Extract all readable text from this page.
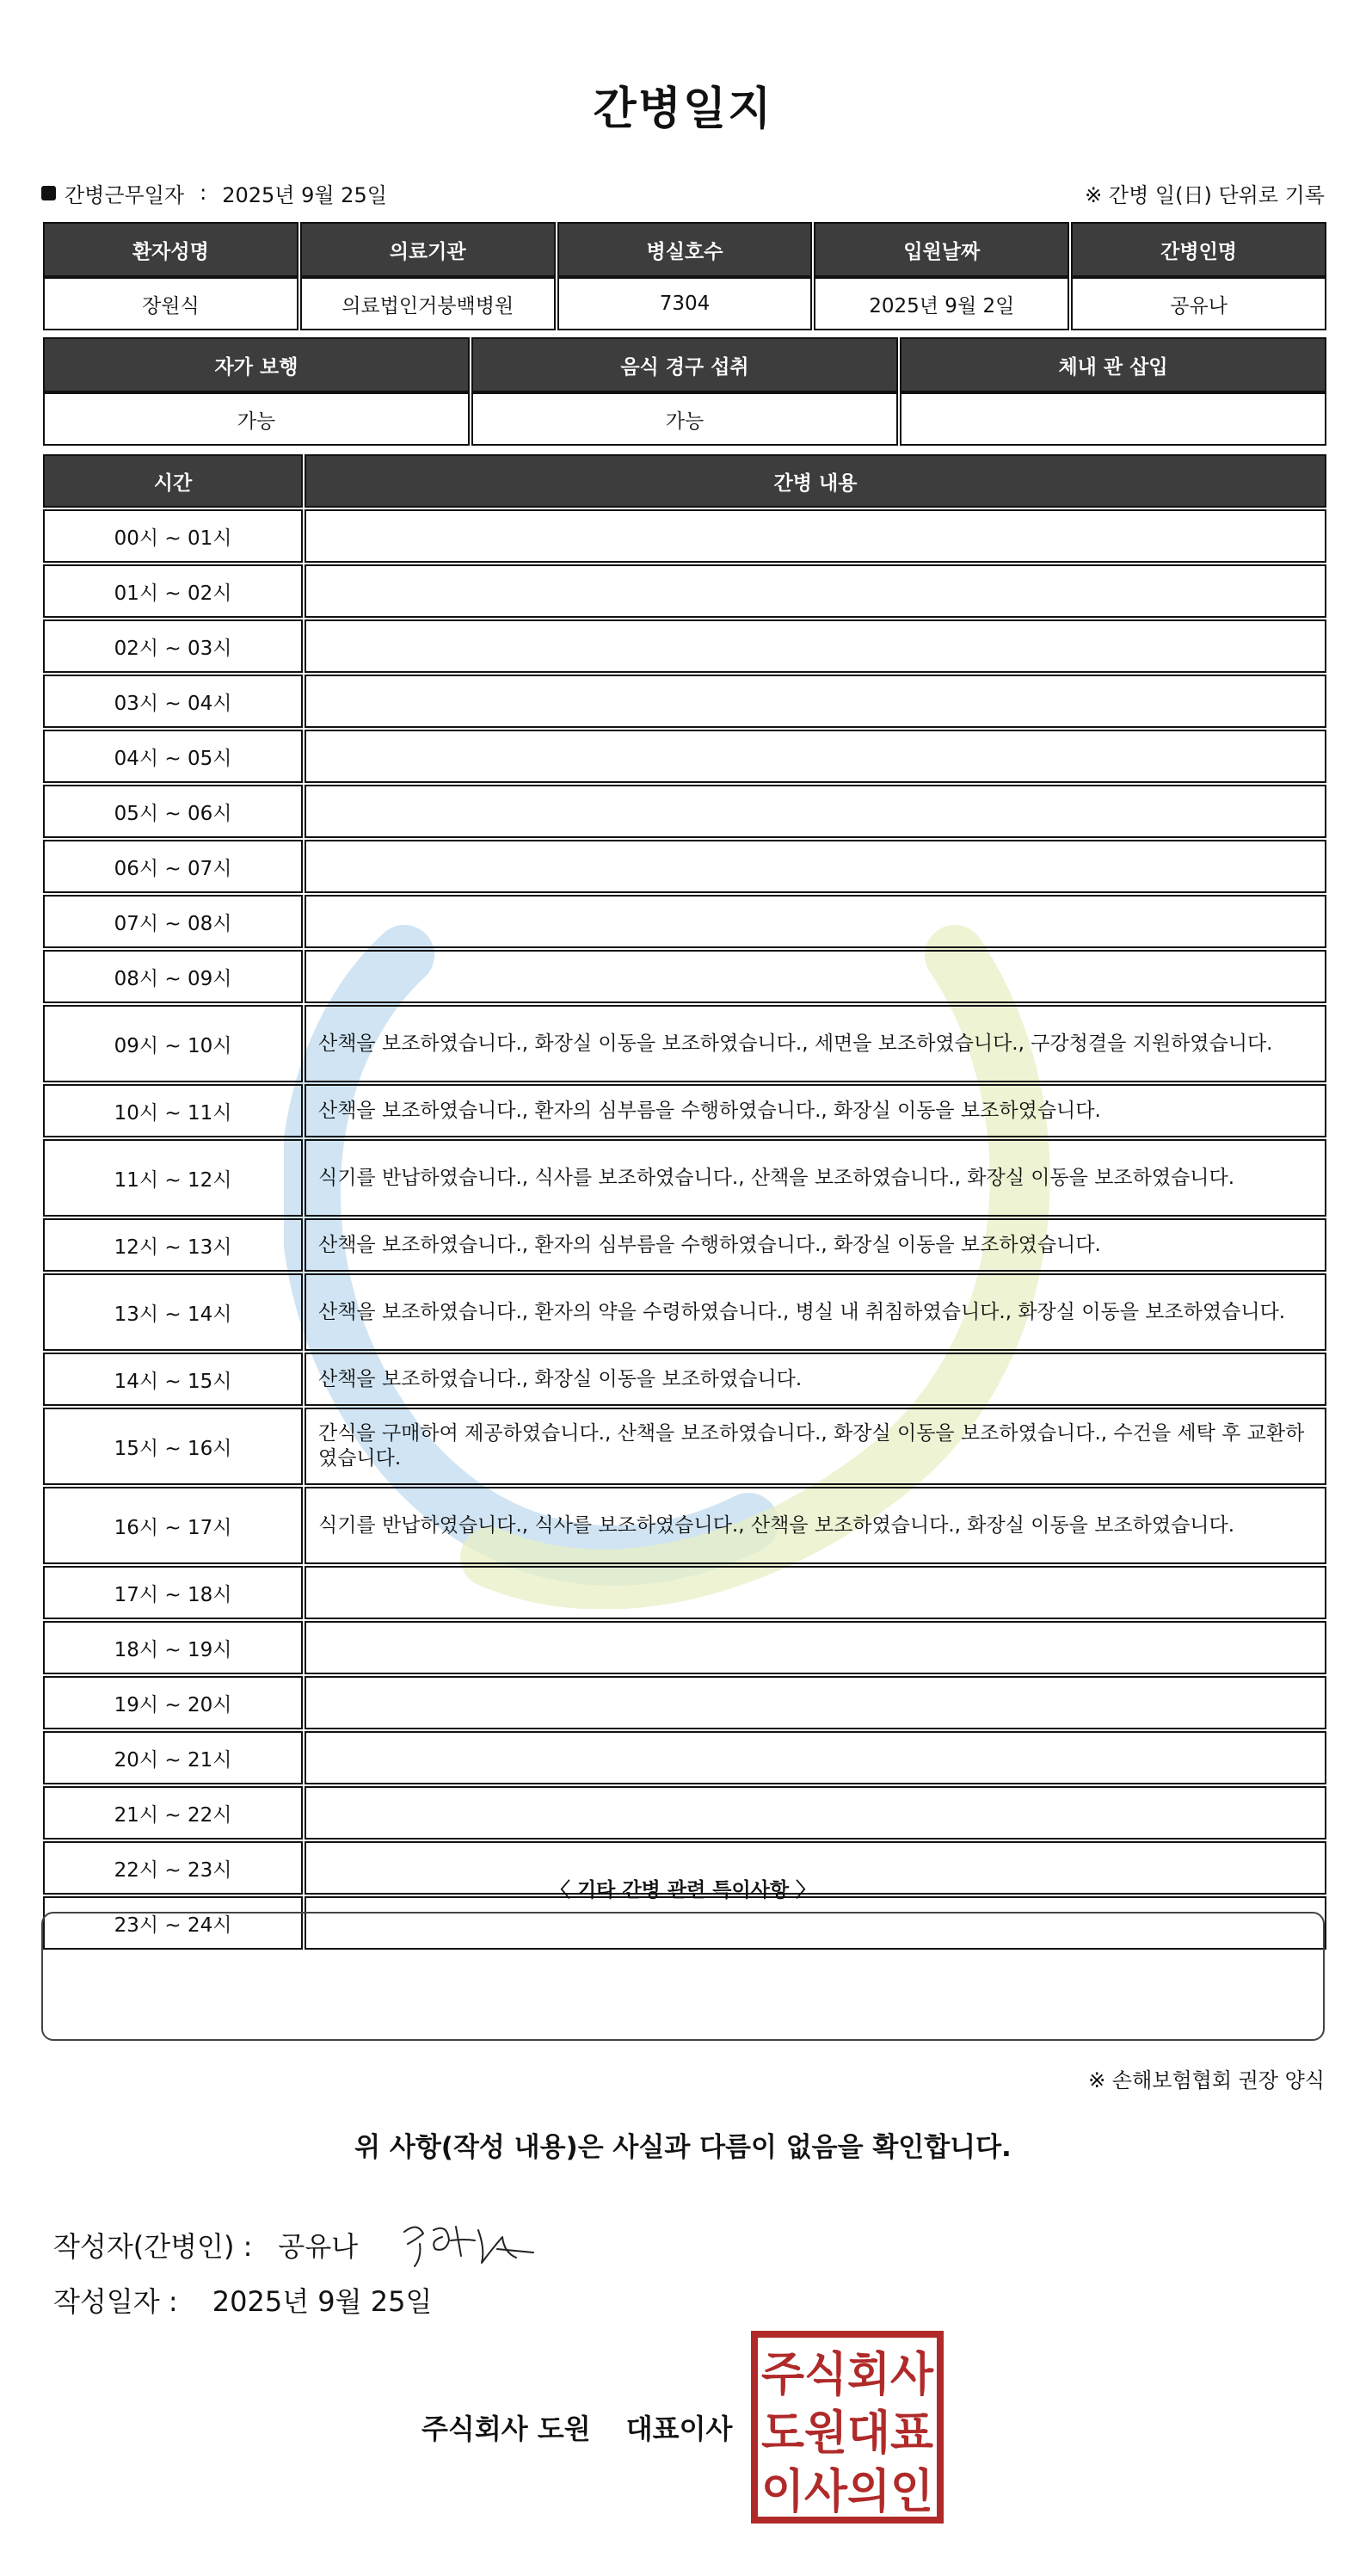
간병일지
간병근무일자 : 2025년 9월 25일	※ 간병 일(日) 단위로 기록
환자성명	의료기관	병실호수	입원날짜	간병인명
장원식	의료법인거붕백병원	7304	2025년 9월 2일	공유나
자가 보행	음식 경구 섭취	체내 관 삽입
가능	가능	
시간	간병 내용
00시 ~ 01시	
01시 ~ 02시	
02시 ~ 03시	
03시 ~ 04시	
04시 ~ 05시	
05시 ~ 06시	
06시 ~ 07시	
07시 ~ 08시	
08시 ~ 09시	
09시 ~ 10시	산책을 보조하였습니다., 화장실 이동을 보조하였습니다., 세면을 보조하였습니다., 구강청결을 지원하였습니다.
10시 ~ 11시	산책을 보조하였습니다., 환자의 심부름을 수행하였습니다., 화장실 이동을 보조하였습니다.
11시 ~ 12시	식기를 반납하였습니다., 식사를 보조하였습니다., 산책을 보조하였습니다., 화장실 이동을 보조하였습니다.
12시 ~ 13시	산책을 보조하였습니다., 환자의 심부름을 수행하였습니다., 화장실 이동을 보조하였습니다.
13시 ~ 14시	산책을 보조하였습니다., 환자의 약을 수령하였습니다., 병실 내 취침하였습니다., 화장실 이동을 보조하였습니다.
14시 ~ 15시	산책을 보조하였습니다., 화장실 이동을 보조하였습니다.
15시 ~ 16시	간식을 구매하여 제공하였습니다., 산책을 보조하였습니다., 화장실 이동을 보조하였습니다., 수건을 세탁 후 교환하였습니다.
16시 ~ 17시	식기를 반납하였습니다., 식사를 보조하였습니다., 산책을 보조하였습니다., 화장실 이동을 보조하였습니다.
17시 ~ 18시	
18시 ~ 19시	
19시 ~ 20시	
20시 ~ 21시	
21시 ~ 22시	
22시 ~ 23시	
23시 ~ 24시	
〈 기타 간병 관련 특이사항 〉
※ 손해보험협회 권장 양식
위 사항(작성 내용)은 사실과 다름이 없음을 확인합니다.
작성자(간병인) : 공유나
작성일자 : 2025년 9월 25일
주식회사 도원 대표이사
주식회사
도원대표
이사의인
